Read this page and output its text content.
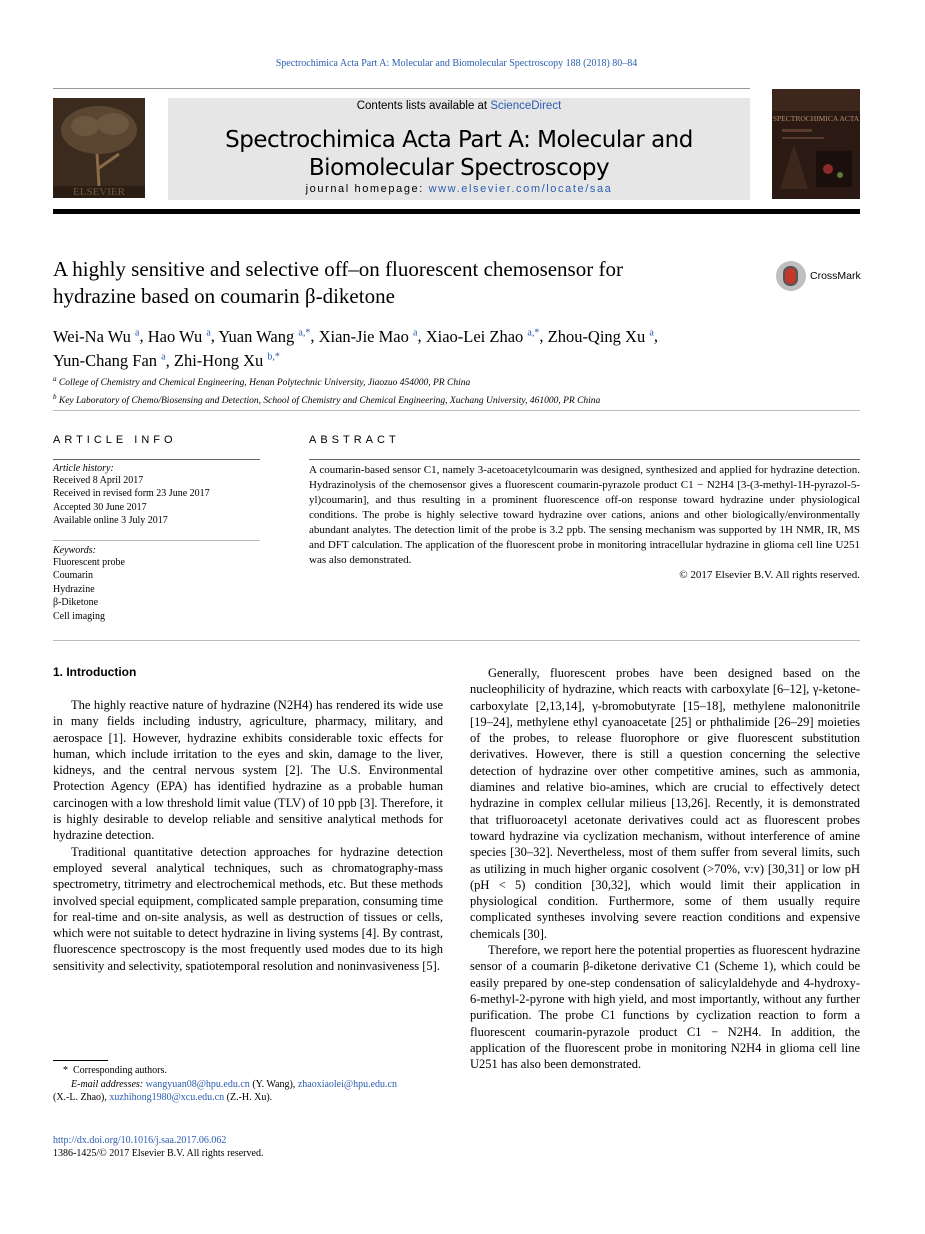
Spectrochimica Acta Part A: Molecular and Biomolecular Spectroscopy 188 (2018) 80–84
ELSEVIER
Contents lists available at ScienceDirect
Spectrochimica Acta Part A: Molecular and Biomolecular Spectroscopy
journal homepage: www.elsevier.com/locate/saa
SPECTROCHIMICA ACTA
A highly sensitive and selective off–on fluorescent chemosensor for
hydrazine based on coumarin β-diketone
CrossMark
Wei-Na Wu $^a$, Hao Wu $^a$, Yuan Wang $^{a,*}$, Xian-Jie Mao $^a$, Xiao-Lei Zhao $^{a,*}$, Zhou-Qing Xu $^a$,
Yun-Chang Fan $^a$, Zhi-Hong Xu $^{b,*}$
$^a$ College of Chemistry and Chemical Engineering, Henan Polytechnic University, Jiaozuo 454000, PR China
$^b$ Key Laboratory of Chemo/Biosensing and Detection, School of Chemistry and Chemical Engineering, Xuchang University, 461000, PR China
ARTICLE INFO	ABSTRACT
Article history:
Received 8 April 2017
Received in revised form 23 June 2017
Accepted 30 June 2017
Available online 3 July 2017
Keywords:
Fluorescent probe
Coumarin
Hydrazine
β-Diketone
Cell imaging
A coumarin-based sensor C1, namely 3-acetoacetylcoumarin was designed, synthesized and applied for hydrazine detection. Hydrazinolysis of the chemosensor gives a fluorescent coumarin-pyrazole product C1 − N2H4 [3-(3-methyl-1H-pyrazol-5-yl)coumarin], and thus resulting in a prominent fluorescence off-on response toward hydrazine under physiological conditions. The probe is highly selective toward hydrazine over cations, anions and other biologically/environmentally abundant analytes. The detection limit of the probe is 3.2 ppb. The sensing mechanism was supported by 1H NMR, IR, MS and DFT calculation. The application of the fluorescent probe in monitoring intracellular hydrazine in glioma cell line U251 was also demonstrated.
© 2017 Elsevier B.V. All rights reserved.
1. Introduction

The highly reactive nature of hydrazine (N2H4) has rendered its wide use in many fields including industry, agriculture, pharmacy, military, and aerospace [1]. However, hydrazine exhibits considerable toxic effects for human, which include irritation to the eyes and skin, damage to the liver, kidneys, and the central nervous system [2]. The U.S. Environmental Protection Agency (EPA) has identified hydrazine as a probable human carcinogen with a low threshold limit value (TLV) of 10 ppb [3]. Therefore, it is highly desirable to develop reliable and sensitive analytical methods for hydrazine detection.

Traditional quantitative detection approaches for hydrazine detection employed several analytical techniques, such as chromatography-mass spectrometry, titrimetry and electrochemical methods, etc. But these methods involved special equipment, complicated sample preparation, consuming time for real-time and on-site analysis, as well as destruction of tissues or cells, which were not suitable to detect hydrazine in living systems [4]. By contrast, fluorescence spectroscopy is the most frequently used modes due to its high sensitivity and selectivity, spatiotemporal resolution and noninvasiveness [5].

Generally, fluorescent probes have been designed based on the nucleophilicity of hydrazine, which reacts with carboxylate [6–12], γ-ketone-carboxylate [2,13,14], γ-bromobutyrate [15–18], methylene malononitrile [19–24], methylene ethyl cyanoacetate [25] or phthalimide [26–29] moieties of the probes, to release fluorophore or give fluorescent substitution derivatives. However, there is still a question concerning the selective detection of hydrazine over other competitive amines, such as ammonia, diamines and relative bio-amines, which are crucial to effectively detect hydrazine in complex cellular milieus [13,26]. Recently, it is demonstrated that trifluoroacetyl acetonate derivatives could act as fluorescent probes toward hydrazine via cyclization mechanism, without interference of amine species [30–32]. Nevertheless, most of them suffer from several limits, such as utilizing in much higher organic cosolvent (>70%, v:v) [30,31] or low pH (pH < 5) condition [30,32], which would limit their application in physiological condition. Furthermore, some of them usually require complicated syntheses involving severe reaction conditions and expensive chemicals [30].

Therefore, we report here the potential properties as fluorescent hydrazine sensor of a coumarin β-diketone derivative C1 (Scheme 1), which could be easily prepared by one-step condensation of salicylaldehyde and 4-hydroxy-6-methyl-2-pyrone with high yield, and most importantly, without any further purification. The probe C1 functions by cyclization reaction to form a fluorescent coumarin-pyrazole product C1 − N2H4. In addition, the application of the fluorescent probe in monitoring N2H4 in glioma cell line U251 has also been demonstrated.

*  Corresponding authors.
E-mail addresses: wangyuan08@hpu.edu.cn (Y. Wang), zhaoxiaolei@hpu.edu.cn
(X.-L. Zhao), xuzhihong1980@xcu.edu.cn (Z.-H. Xu).
http://dx.doi.org/10.1016/j.saa.2017.06.062
1386-1425/© 2017 Elsevier B.V. All rights reserved.
